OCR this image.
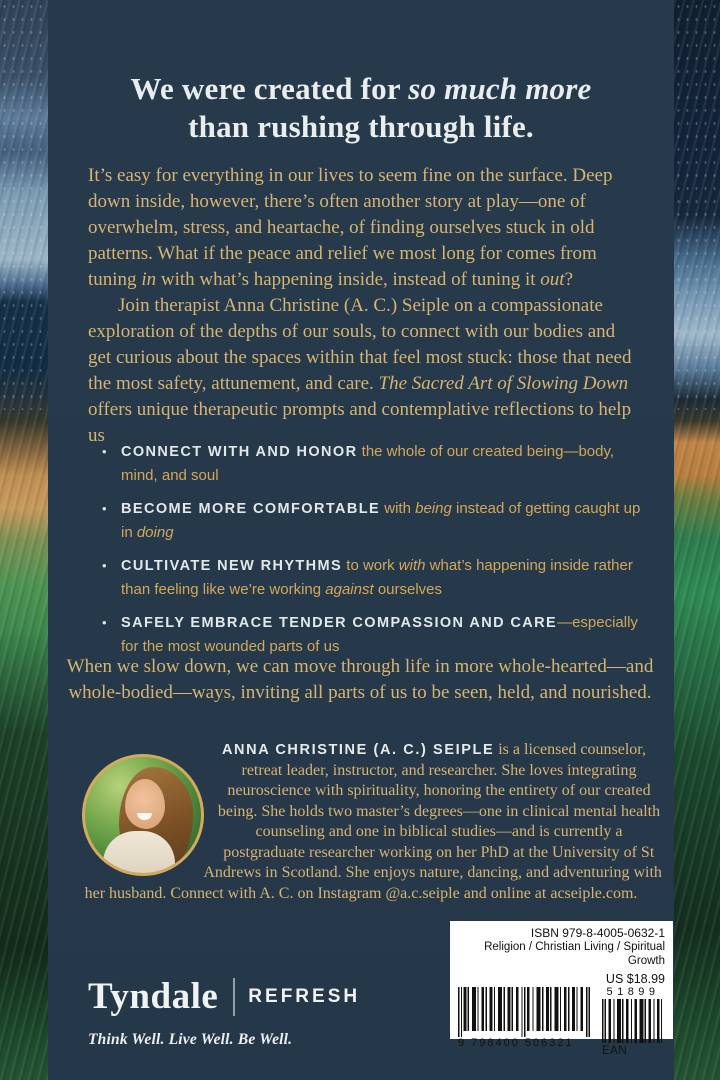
We were created for so much more
than rushing through life.

It’s easy for everything in our lives to seem fine on the surface. Deep down inside, however, there’s often another story at play—one of overwhelm, stress, and heartache, of finding ourselves stuck in old patterns. What if the peace and relief we most long for comes from tuning in with what’s happening inside, instead of tuning it out?

Join therapist Anna Christine (A. C.) Seiple on a compassionate exploration of the depths of our souls, to connect with our bodies and get curious about the spaces within that feel most stuck: those that need the most safety, attunement, and care. The Sacred Art of Slowing Down offers unique therapeutic prompts and contemplative reflections to help us

• CONNECT WITH AND HONOR the whole of our created being—body, mind, and soul
• BECOME MORE COMFORTABLE with being instead of getting caught up in doing
• CULTIVATE NEW RHYTHMS to work with what’s happening inside rather than feeling like we’re working against ourselves
• SAFELY EMBRACE TENDER COMPASSION AND CARE—especially for the most wounded parts of us
When we slow down, we can move through life in more whole-hearted—and whole-bodied—ways, inviting all parts of us to be seen, held, and nourished.
ANNA CHRISTINE (A. C.) SEIPLE is a licensed counselor, retreat leader, instructor, and researcher. She loves integrating neuroscience with spirituality, honoring the entirety of our created being. She holds two master’s degrees—one in clinical mental health counseling and one in biblical studies—and is currently a postgraduate researcher working on her PhD at the University of St Andrews in Scotland. She enjoys nature, dancing, and adventuring with her husband. Connect with A. C. on Instagram @a.c.seiple and online at acseiple.com.
Tyndale REFRESH
Think Well. Live Well. Be Well.
ISBN 979-8-4005-0632-1
Religion / Christian Living / Spiritual Growth
US $18.99
9 798400 506321
51899
EAN
